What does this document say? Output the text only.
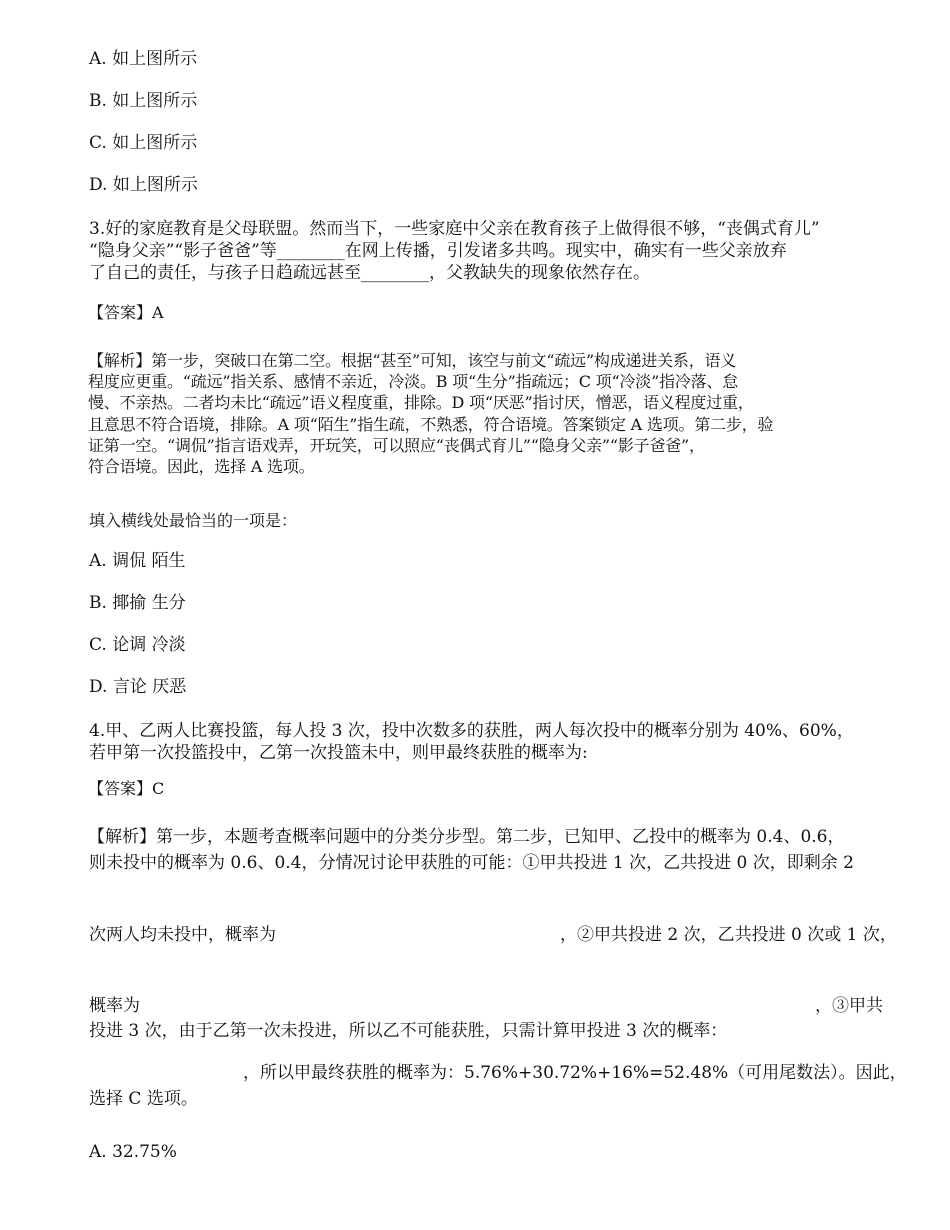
A. 如上图所示
B. 如上图所示
C. 如上图所示
D. 如上图所示
3.好的家庭教育是父母联盟。然而当下，一些家庭中父亲在教育孩子上做得很不够，“丧偶式育儿”
“隐身父亲”“影子爸爸”等________在网上传播，引发诸多共鸣。现实中，确实有一些父亲放弃
了自己的责任，与孩子日趋疏远甚至________，父教缺失的现象依然存在。
【答案】A
【解析】第一步，突破口在第二空。根据“甚至”可知，该空与前文“疏远”构成递进关系，语义
程度应更重。“疏远”指关系、感情不亲近，冷淡。B 项“生分”指疏远；C 项“冷淡”指冷落、怠
慢、不亲热。二者均未比“疏远”语义程度重，排除。D 项“厌恶”指讨厌，憎恶，语义程度过重，
且意思不符合语境，排除。A 项“陌生”指生疏，不熟悉，符合语境。答案锁定 A 选项。第二步，验
证第一空。“调侃”指言语戏弄，开玩笑，可以照应“丧偶式育儿”“隐身父亲”“影子爸爸”，
符合语境。因此，选择 A 选项。
填入横线处最恰当的一项是：
A. 调侃 陌生
B. 揶揄 生分
C. 论调 冷淡
D. 言论 厌恶
4.甲、乙两人比赛投篮，每人投 3 次，投中次数多的获胜，两人每次投中的概率分别为 40%、60%，
若甲第一次投篮投中，乙第一次投篮未中，则甲最终获胜的概率为:
【答案】C
【解析】第一步，本题考查概率问题中的分类分步型。第二步，已知甲、乙投中的概率为 0.4、0.6，
则未投中的概率为 0.6、0.4，分情况讨论甲获胜的可能：①甲共投进 1 次，乙共投进 0 次，即剩余 2
次两人均未投中，概率为	，②甲共投进 2 次，乙共投进 0 次或 1 次，
概率为	，③甲共
投进 3 次，由于乙第一次未投进，所以乙不可能获胜，只需计算甲投进 3 次的概率：
，所以甲最终获胜的概率为：5.76%+30.72%+16%=52.48%（可用尾数法）。因此，
选择 C 选项。
A. 32.75%
